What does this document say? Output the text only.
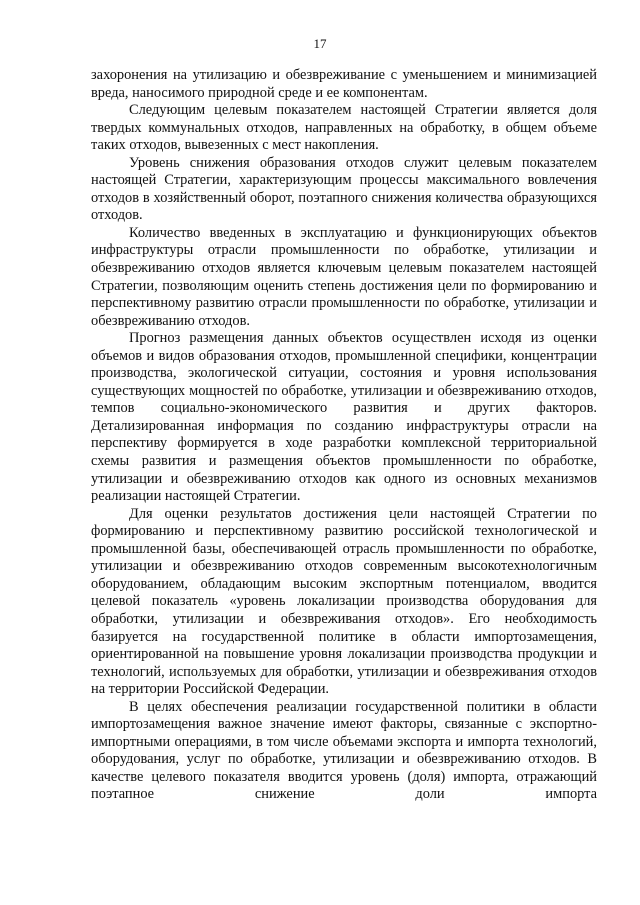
17

захоронения на утилизацию и обезвреживание с уменьшением и минимизацией вреда, наносимого природной среде и ее компонентам.

Следующим целевым показателем настоящей Стратегии является доля твердых коммунальных отходов, направленных на обработку, в общем объеме таких отходов, вывезенных с мест накопления.

Уровень снижения образования отходов служит целевым показателем настоящей Стратегии, характеризующим процессы максимального вовлечения отходов в хозяйственный оборот, поэтапного снижения количества образующихся отходов.

Количество введенных в эксплуатацию и функционирующих объектов инфраструктуры отрасли промышленности по обработке, утилизации и обезвреживанию отходов является ключевым целевым показателем настоящей Стратегии, позволяющим оценить степень достижения цели по формированию и перспективному развитию отрасли промышленности по обработке, утилизации и обезвреживанию отходов.

Прогноз размещения данных объектов осуществлен исходя из оценки объемов и видов образования отходов, промышленной специфики, концентрации производства, экологической ситуации, состояния и уровня использования существующих мощностей по обработке, утилизации и обезвреживанию отходов, темпов социально-экономического развития и других факторов. Детализированная информация по созданию инфраструктуры отрасли на перспективу формируется в ходе разработки комплексной территориальной схемы развития и размещения объектов промышленности по обработке, утилизации и обезвреживанию отходов как одного из основных механизмов реализации настоящей Стратегии.

Для оценки результатов достижения цели настоящей Стратегии по формированию и перспективному развитию российской технологической и промышленной базы, обеспечивающей отрасль промышленности по обработке, утилизации и обезвреживанию отходов современным высокотехнологичным оборудованием, обладающим высоким экспортным потенциалом, вводится целевой показатель «уровень локализации производства оборудования для обработки, утилизации и обезвреживания отходов». Его необходимость базируется на государственной политике в области импортозамещения, ориентированной на повышение уровня локализации производства продукции и технологий, используемых для обработки, утилизации и обезвреживания отходов на территории Российской Федерации.

В целях обеспечения реализации государственной политики в области импортозамещения важное значение имеют факторы, связанные с экспортно-импортными операциями, в том числе объемами экспорта и импорта технологий, оборудования, услуг по обработке, утилизации и обезвреживанию отходов. В качестве целевого показателя вводится уровень (доля) импорта, отражающий поэтапное снижение доли импорта
